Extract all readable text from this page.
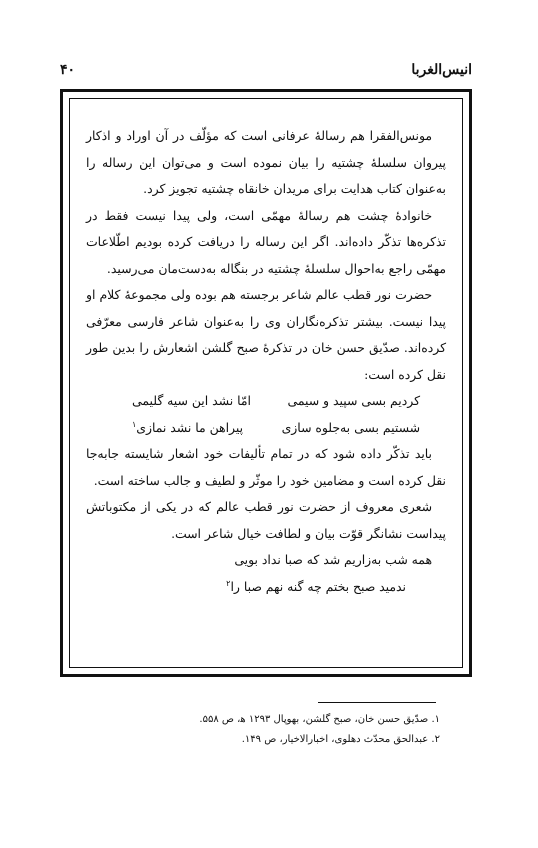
انیس‌الغربا
۴۰

مونس‌الفقرا هم رسالهٔ عرفانی است که مؤلّف در آن اوراد و اذکار پیروان سلسلهٔ چشتیه را بیان نموده است و می‌توان این رساله را به‌عنوان کتاب هدایت برای مریدان خانقاه چشتیه تجویز کرد.

خانوادهٔ چشت هم رسالهٔ مهمّی است، ولی پیدا نیست فقط در تذکره‌ها تذکّر داده‌اند. اگر این رساله را دریافت کرده بودیم اطّلاعات مهمّی راجع به‌احوال سلسلهٔ چشتیه در بنگاله به‌دست‌مان می‌رسید.

حضرت نور قطب عالم شاعر برجسته هم بوده ولی مجموعهٔ کلام او پیدا نیست. بیشتر تذکره‌نگاران وی را به‌عنوان شاعر فارسی معرّفی کرده‌اند. صدّیق حسن خان در تذکرهٔ صبح گلشن اشعارش را بدین طور نقل کرده است:

کردیم بسی سپید و سیمی
امّا نشد این سیه گلیمی

شستیم بسی به‌جلوه سازی
پیراهن ما نشد نمازی$^۱$

باید تذکّر داده شود که در تمام تألیفات خود اشعار شایسته جابه‌جا نقل کرده است و مضامین خود را موثّر و لطیف و جالب ساخته است.

شعری معروف از حضرت نور قطب عالم که در یکی از مکتوباتش پیداست نشانگر قوّت بیان و لطافت خیال شاعر است.

همه شب به‌زاریم شد که صبا نداد بویی

ندمید صبح بختم چه گنه نهم صبا را$^۲$

۱. صدّیق حسن خان، صبح گلشن، بهوپال ۱۲۹۳ ه‍، ص ۵۵۸.
۲. عبدالحق محدّث دهلوی، اخبارالاخیار، ص ۱۴۹.
